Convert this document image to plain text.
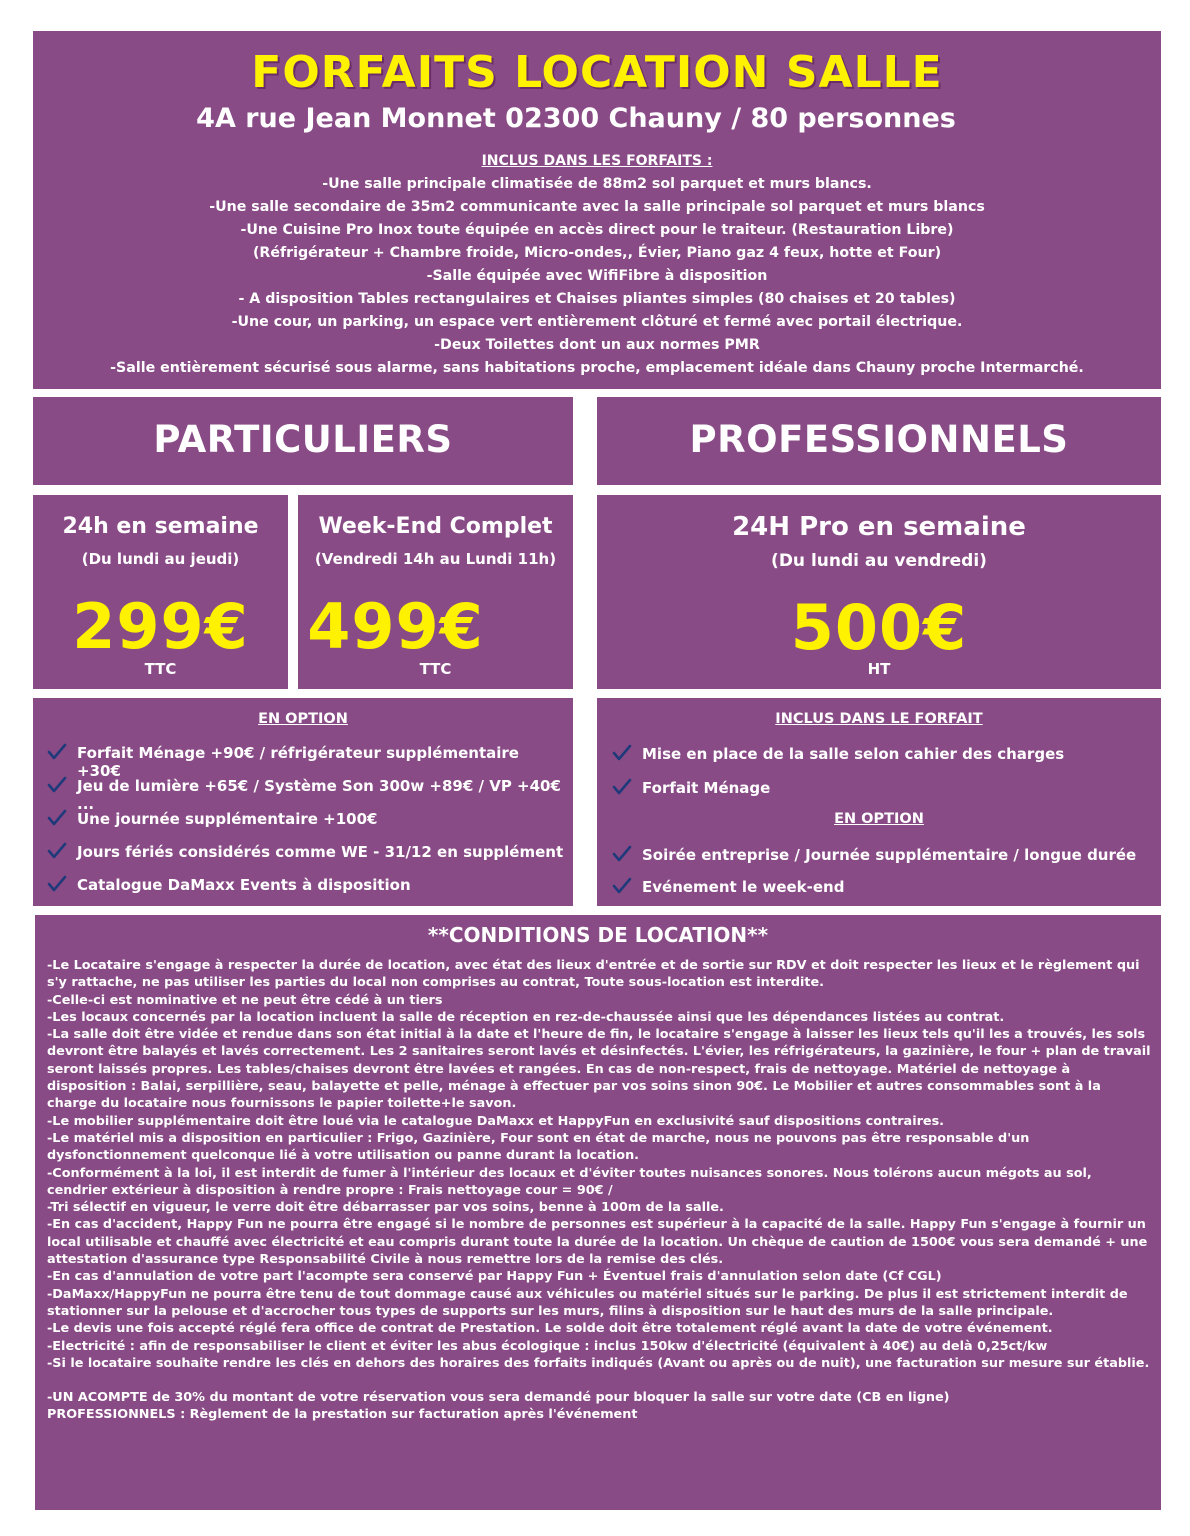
FORFAITS LOCATION SALLE
4A rue Jean Monnet 02300 Chauny / 80 personnes
INCLUS DANS LES FORFAITS :
-Une salle principale climatisée de 88m2 sol parquet et murs blancs.
-Une salle secondaire de 35m2 communicante avec la salle principale sol parquet et murs blancs
-Une Cuisine Pro Inox toute équipée en accès direct pour le traiteur. (Restauration Libre)
(Réfrigérateur + Chambre froide, Micro-ondes,, Évier, Piano gaz 4 feux, hotte et Four)
-Salle équipée avec WifiFibre à disposition
- A disposition Tables rectangulaires et Chaises pliantes simples (80 chaises et 20 tables)
-Une cour, un parking, un espace vert entièrement clôturé et fermé avec portail électrique.
-Deux Toilettes dont un aux normes PMR
-Salle entièrement sécurisé sous alarme, sans habitations proche, emplacement idéale dans Chauny proche Intermarché.
PARTICULIERS	PROFESSIONNELS
24h en semaine
(Du lundi au jeudi)
299€
TTC
Week-End Complet
(Vendredi 14h au Lundi 11h)
499€
TTC
24H Pro en semaine
(Du lundi au vendredi)
500€
HT
EN OPTION
Forfait Ménage +90€ / réfrigérateur supplémentaire +30€
Jeu de lumière +65€ / Système Son 300w +89€ / VP +40€ ...
Une journée supplémentaire +100€
Jours fériés considérés comme WE - 31/12 en supplément
Catalogue DaMaxx Events à disposition
INCLUS DANS LE FORFAIT
Mise en place de la salle selon cahier des charges
Forfait Ménage
EN OPTION
Soirée entreprise / Journée supplémentaire / longue durée
Evénement le week-end
**CONDITIONS DE LOCATION**
-Le Locataire s'engage à respecter la durée de location, avec état des lieux d'entrée et de sortie sur RDV et doit respecter les lieux et le règlement qui s'y rattache, ne pas utiliser les parties du local non comprises au contrat, Toute sous-location est interdite.
-Celle-ci est nominative et ne peut être cédé à un tiers
-Les locaux concernés par la location incluent la salle de réception en rez-de-chaussée ainsi que les dépendances listées au contrat.
-La salle doit être vidée et rendue dans son état initial à la date et l'heure de fin, le locataire s'engage à laisser les lieux tels qu'il les a trouvés, les sols devront être balayés et lavés correctement. Les 2 sanitaires seront lavés et désinfectés. L'évier, les réfrigérateurs, la gazinière, le four + plan de travail seront laissés propres. Les tables/chaises devront être lavées et rangées. En cas de non-respect, frais de nettoyage. Matériel de nettoyage à disposition : Balai, serpillière, seau, balayette et pelle, ménage à effectuer par vos soins sinon 90€. Le Mobilier et autres consommables sont à la charge du locataire nous fournissons le papier toilette+le savon.
-Le mobilier supplémentaire doit être loué via le catalogue DaMaxx et HappyFun en exclusivité sauf dispositions contraires.
-Le matériel mis a disposition en particulier : Frigo, Gazinière, Four sont en état de marche, nous ne pouvons pas être responsable d'un dysfonctionnement quelconque lié à votre utilisation ou panne durant la location.
-Conformément à la loi, il est interdit de fumer à l'intérieur des locaux et d'éviter toutes nuisances sonores. Nous tolérons aucun mégots au sol, cendrier extérieur à disposition à rendre propre : Frais nettoyage cour = 90€ /
-Tri sélectif en vigueur, le verre doit être débarrasser par vos soins, benne à 100m de la salle.
-En cas d'accident, Happy Fun ne pourra être engagé si le nombre de personnes est supérieur à la capacité de la salle. Happy Fun s'engage à fournir un local utilisable et chauffé avec électricité et eau compris durant toute la durée de la location. Un chèque de caution de 1500€ vous sera demandé + une attestation d'assurance type Responsabilité Civile à nous remettre lors de la remise des clés.
-En cas d'annulation de votre part l'acompte sera conservé par Happy Fun + Éventuel frais d'annulation selon date (Cf CGL)
-DaMaxx/HappyFun ne pourra être tenu de tout dommage causé aux véhicules ou matériel situés sur le parking. De plus il est strictement interdit de stationner sur la pelouse et d'accrocher tous types de supports sur les murs, filins à disposition sur le haut des murs de la salle principale.
-Le devis une fois accepté réglé fera office de contrat de Prestation. Le solde doit être totalement réglé avant la date de votre événement.
-Electricité : afin de responsabiliser le client et éviter les abus écologique : inclus 150kw d'électricité (équivalent à 40€) au delà 0,25ct/kw
-Si le locataire souhaite rendre les clés en dehors des horaires des forfaits indiqués (Avant ou après ou de nuit), une facturation sur mesure sur établie.
-UN ACOMPTE de 30% du montant de votre réservation vous sera demandé pour bloquer la salle sur votre date (CB en ligne)
PROFESSIONNELS : Règlement de la prestation sur facturation après l'événement
